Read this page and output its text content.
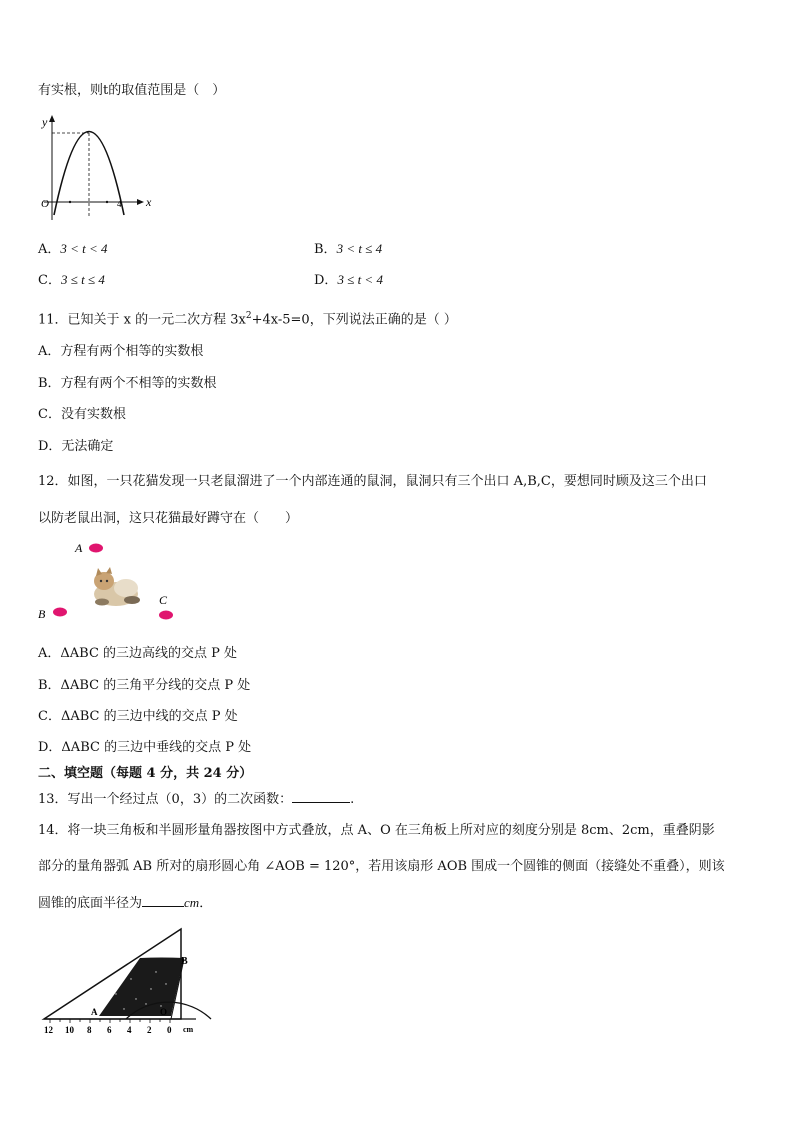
有实根，则t的取值范围是（　）
y
O	4 x
A．3 < t < 4	B．3 < t ≤ 4
C．3 ≤ t ≤ 4	D．3 ≤ t < 4
11．已知关于 x 的一元二次方程 $3x^2+4x-5=0$，下列说法正确的是（ ）
A．方程有两个相等的实数根
B．方程有两个不相等的实数根
C．没有实数根
D．无法确定
12．如图，一只花猫发现一只老鼠溜进了一个内部连通的鼠洞，鼠洞只有三个出口 A,B,C，要想同时顾及这三个出口
以防老鼠出洞，这只花猫最好蹲守在（　　）
A
B
C
A．ΔABC 的三边高线的交点 P 处
B．ΔABC 的三角平分线的交点 P 处
C．ΔABC 的三边中线的交点 P 处
D．ΔABC 的三边中垂线的交点 P 处
二、填空题（每题 4 分，共 24 分）
13．写出一个经过点（0，3）的二次函数：	.
14．将一块三角板和半圆形量角器按图中方式叠放，点 A、O 在三角板上所对应的刻度分别是 8cm、2cm，重叠阴影
部分的量角器弧 AB 所对的扇形圆心角 ∠AOB = 120°，若用该扇形 AOB 围成一个圆锥的侧面（接缝处不重叠），则该
圆锥的底面半径为	cm．
B
A	O
12 10 8 6 4 2 0 cm
